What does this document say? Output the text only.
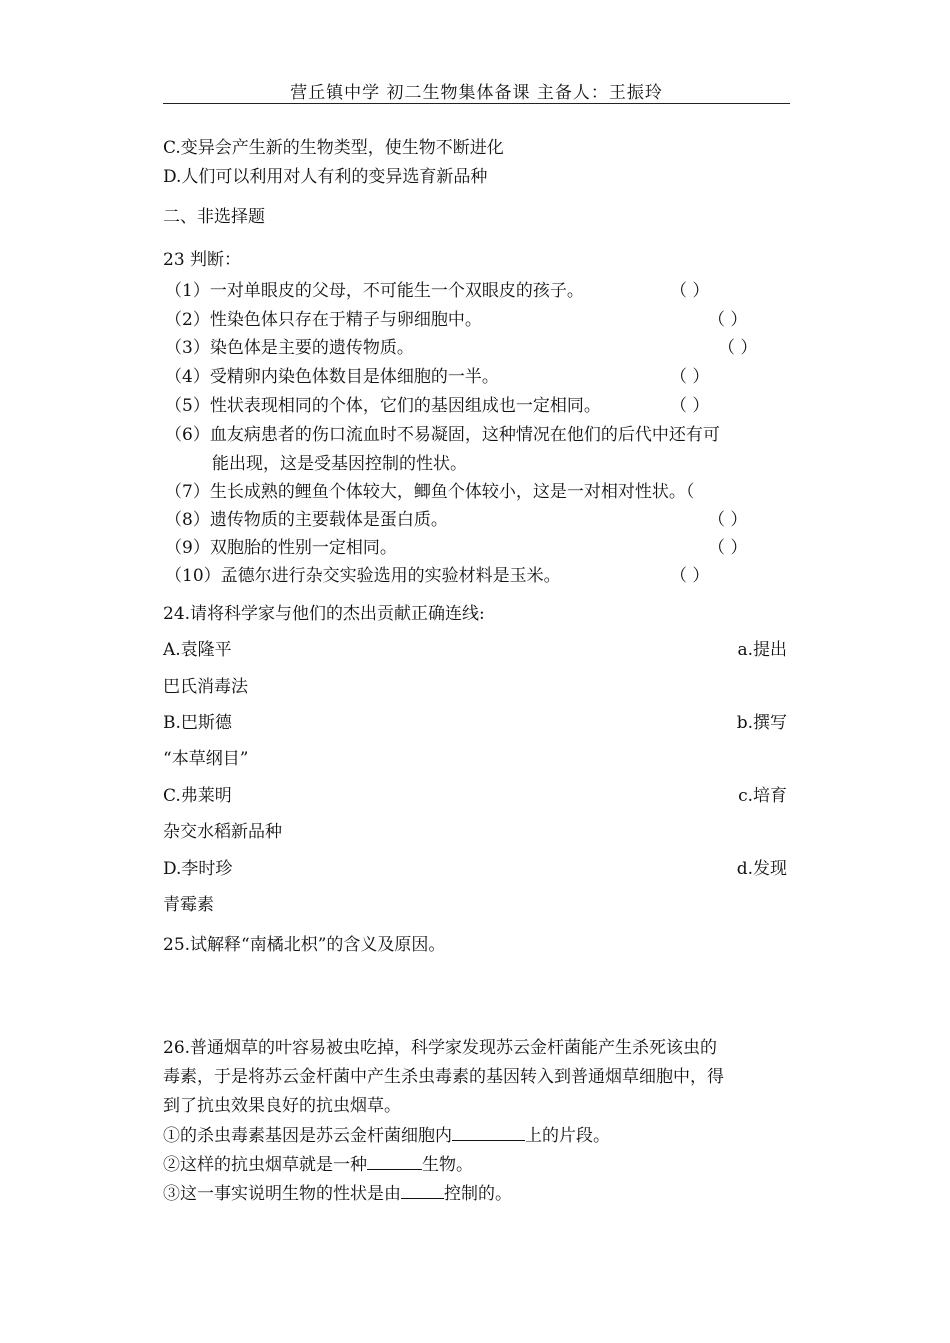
营丘镇中学 初二生物集体备课 主备人：王振玲
C.变异会产生新的生物类型，使生物不断进化
D.人们可以利用对人有利的变异选育新品种
二、非选择题
23 判断：
（1）一对单眼皮的父母，不可能生一个双眼皮的孩子。	（ ）
（2）性染色体只存在于精子与卵细胞中。	（ ）
（3）染色体是主要的遗传物质。	（ ）
（4）受精卵内染色体数目是体细胞的一半。	（ ）
（5）性状表现相同的个体，它们的基因组成也一定相同。	（ ）
（6）血友病患者的伤口流血时不易凝固，这种情况在他们的后代中还有可
能出现，这是受基因控制的性状。
（7）生长成熟的鲤鱼个体较大，鲫鱼个体较小，这是一对相对性状。（
（8）遗传物质的主要载体是蛋白质。	（ ）
（9）双胞胎的性别一定相同。	（ ）
（10）孟德尔进行杂交实验选用的实验材料是玉米。	（ ）
24.请将科学家与他们的杰出贡献正确连线:
A.袁隆平	a.提出
巴氏消毒法
B.巴斯德	b.撰写
“本草纲目”
C.弗莱明	c.培育
杂交水稻新品种
D.李时珍	d.发现
青霉素
25.试解释“南橘北枳”的含义及原因。
26.普通烟草的叶容易被虫吃掉，科学家发现苏云金杆菌能产生杀死该虫的
毒素，于是将苏云金杆菌中产生杀虫毒素的基因转入到普通烟草细胞中，得
到了抗虫效果良好的抗虫烟草。
①的杀虫毒素基因是苏云金杆菌细胞内	上的片段。
②这样的抗虫烟草就是一种	生物。
③这一事实说明生物的性状是由	控制的。
